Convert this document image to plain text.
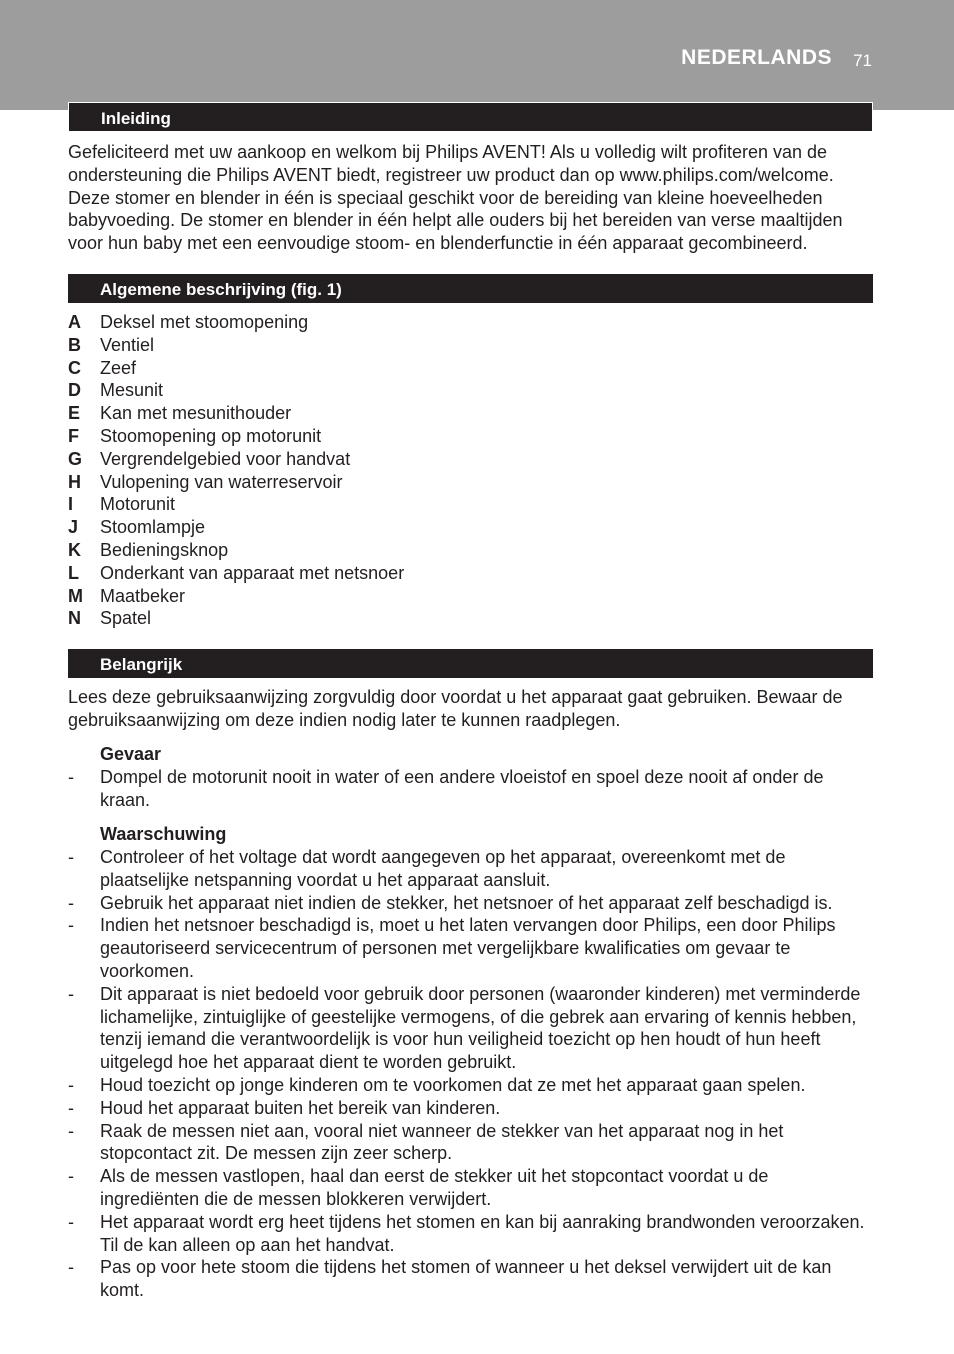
NEDERLANDS 71
Inleiding

Gefeliciteerd met uw aankoop en welkom bij Philips AVENT! Als u volledig wilt profiteren van de ondersteuning die Philips AVENT biedt, registreer uw product dan op www.philips.com/welcome. Deze stomer en blender in één is speciaal geschikt voor de bereiding van kleine hoeveelheden babyvoeding. De stomer en blender in één helpt alle ouders bij het bereiden van verse maaltijden voor hun baby met een eenvoudige stoom- en blenderfunctie in één apparaat gecombineerd.

Algemene beschrijving (fig. 1)
A Deksel met stoomopening
B Ventiel
C Zeef
D Mesunit
E Kan met mesunithouder
F Stoomopening op motorunit
G Vergrendelgebied voor handvat
H Vulopening van waterreservoir
I Motorunit
J Stoomlampje
K Bedieningsknop
L Onderkant van apparaat met netsnoer
M Maatbeker
N Spatel
Belangrijk

Lees deze gebruiksaanwijzing zorgvuldig door voordat u het apparaat gaat gebruiken. Bewaar de gebruiksaanwijzing om deze indien nodig later te kunnen raadplegen.

Gevaar
- Dompel de motorunit nooit in water of een andere vloeistof en spoel deze nooit af onder de kraan.
Waarschuwing
- Controleer of het voltage dat wordt aangegeven op het apparaat, overeenkomt met de plaatselijke netspanning voordat u het apparaat aansluit.
- Gebruik het apparaat niet indien de stekker, het netsnoer of het apparaat zelf beschadigd is.
- Indien het netsnoer beschadigd is, moet u het laten vervangen door Philips, een door Philips geautoriseerd servicecentrum of personen met vergelijkbare kwalificaties om gevaar te voorkomen.
- Dit apparaat is niet bedoeld voor gebruik door personen (waaronder kinderen) met verminderde lichamelijke, zintuiglijke of geestelijke vermogens, of die gebrek aan ervaring of kennis hebben, tenzij iemand die verantwoordelijk is voor hun veiligheid toezicht op hen houdt of hun heeft uitgelegd hoe het apparaat dient te worden gebruikt.
- Houd toezicht op jonge kinderen om te voorkomen dat ze met het apparaat gaan spelen.
- Houd het apparaat buiten het bereik van kinderen.
- Raak de messen niet aan, vooral niet wanneer de stekker van het apparaat nog in het stopcontact zit. De messen zijn zeer scherp.
- Als de messen vastlopen, haal dan eerst de stekker uit het stopcontact voordat u de ingrediënten die de messen blokkeren verwijdert.
- Het apparaat wordt erg heet tijdens het stomen en kan bij aanraking brandwonden veroorzaken. Til de kan alleen op aan het handvat.
- Pas op voor hete stoom die tijdens het stomen of wanneer u het deksel verwijdert uit de kan komt.
